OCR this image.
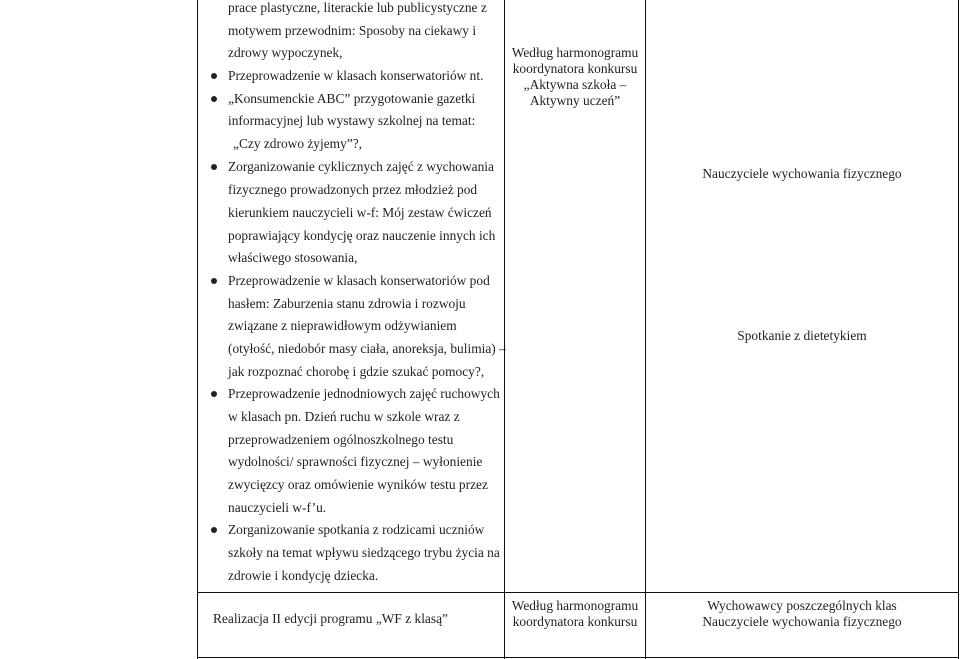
prace plastyczne, literackie lub publicystyczne z
motywem przewodnim: Sposoby na ciekawy i
zdrowy wypoczynek,
Przeprowadzenie w klasach konserwatoriów nt.
„Konsumenckie ABC” przygotowanie gazetki
informacyjnej lub wystawy szkolnej na temat:
„Czy zdrowo żyjemy”?,
Zorganizowanie cyklicznych zajęć z wychowania
fizycznego prowadzonych przez młodzież pod
kierunkiem nauczycieli w-f: Mój zestaw ćwiczeń
poprawiający kondycję oraz nauczenie innych ich
właściwego stosowania,
Przeprowadzenie w klasach konserwatoriów pod
hasłem: Zaburzenia stanu zdrowia i rozwoju
związane z nieprawidłowym odżywianiem
(otyłość, niedobór masy ciała, anoreksja, bulimia) –
jak rozpoznać chorobę i gdzie szukać pomocy?,
Przeprowadzenie jednodniowych zajęć ruchowych
w klasach pn. Dzień ruchu w szkole wraz z
przeprowadzeniem ogólnoszkolnego testu
wydolności/ sprawności fizycznej – wyłonienie
zwycięzcy oraz omówienie wyników testu przez
nauczycieli w-f’u.
Zorganizowanie spotkania z rodzicami uczniów
szkoły na temat wpływu siedzącego trybu życia na
zdrowie i kondycję dziecka.
Realizacja II edycji programu „WF z klasą”
Według harmonogramu
koordynatora konkursu
„Aktywna szkoła –
Aktywny uczeń”
Według harmonogramu
koordynatora konkursu
Nauczyciele wychowania fizycznego
Spotkanie z dietetykiem
Wychowawcy poszczególnych klas
Nauczyciele wychowania fizycznego
